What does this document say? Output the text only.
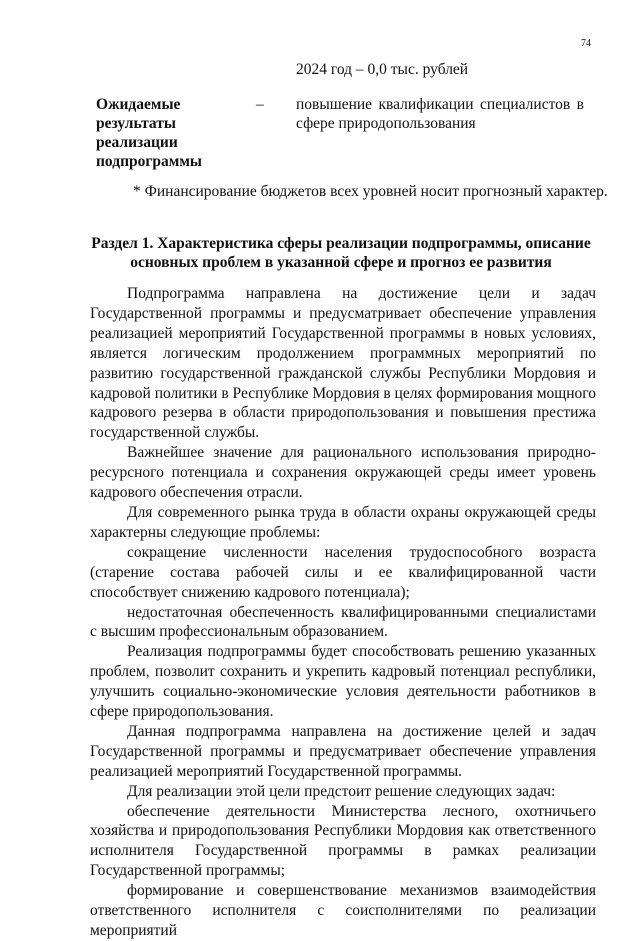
74
2024 год – 0,0 тыс. рублей
Ожидаемые результаты реализации подпрограммы
– повышение квалификации специалистов в сфере природопользования
* Финансирование бюджетов всех уровней носит прогнозный характер.
Раздел 1. Характеристика сферы реализации подпрограммы, описание основных проблем в указанной сфере и прогноз ее развития

Подпрограмма направлена на достижение цели и задач Государственной программы и предусматривает обеспечение управления реализацией мероприятий Государственной программы в новых условиях, является логическим продолжением программных мероприятий по развитию государственной гражданской службы Республики Мордовия и кадровой политики в Республике Мордовия в целях формирования мощного кадрового резерва в области природопользования и повышения престижа государственной службы.

Важнейшее значение для рационального использования природно-ресурсного потенциала и сохранения окружающей среды имеет уровень кадрового обеспечения отрасли.

Для современного рынка труда в области охраны окружающей среды характерны следующие проблемы:

сокращение численности населения трудоспособного возраста (старение состава рабочей силы и ее квалифицированной части способствует снижению кадрового потенциала);

недостаточная обеспеченность квалифицированными специалистами с высшим профессиональным образованием.

Реализация подпрограммы будет способствовать решению указанных проблем, позволит сохранить и укрепить кадровый потенциал республики, улучшить социально-экономические условия деятельности работников в сфере природопользования.

Данная подпрограмма направлена на достижение целей и задач Государственной программы и предусматривает обеспечение управления реализацией мероприятий Государственной программы.

Для реализации этой цели предстоит решение следующих задач:

обеспечение деятельности Министерства лесного, охотничьего хозяйства и природопользования Республики Мордовия как ответственного исполнителя Государственной программы в рамках реализации Государственной программы;

формирование и совершенствование механизмов взаимодействия ответственного исполнителя с соисполнителями по реализации мероприятий
